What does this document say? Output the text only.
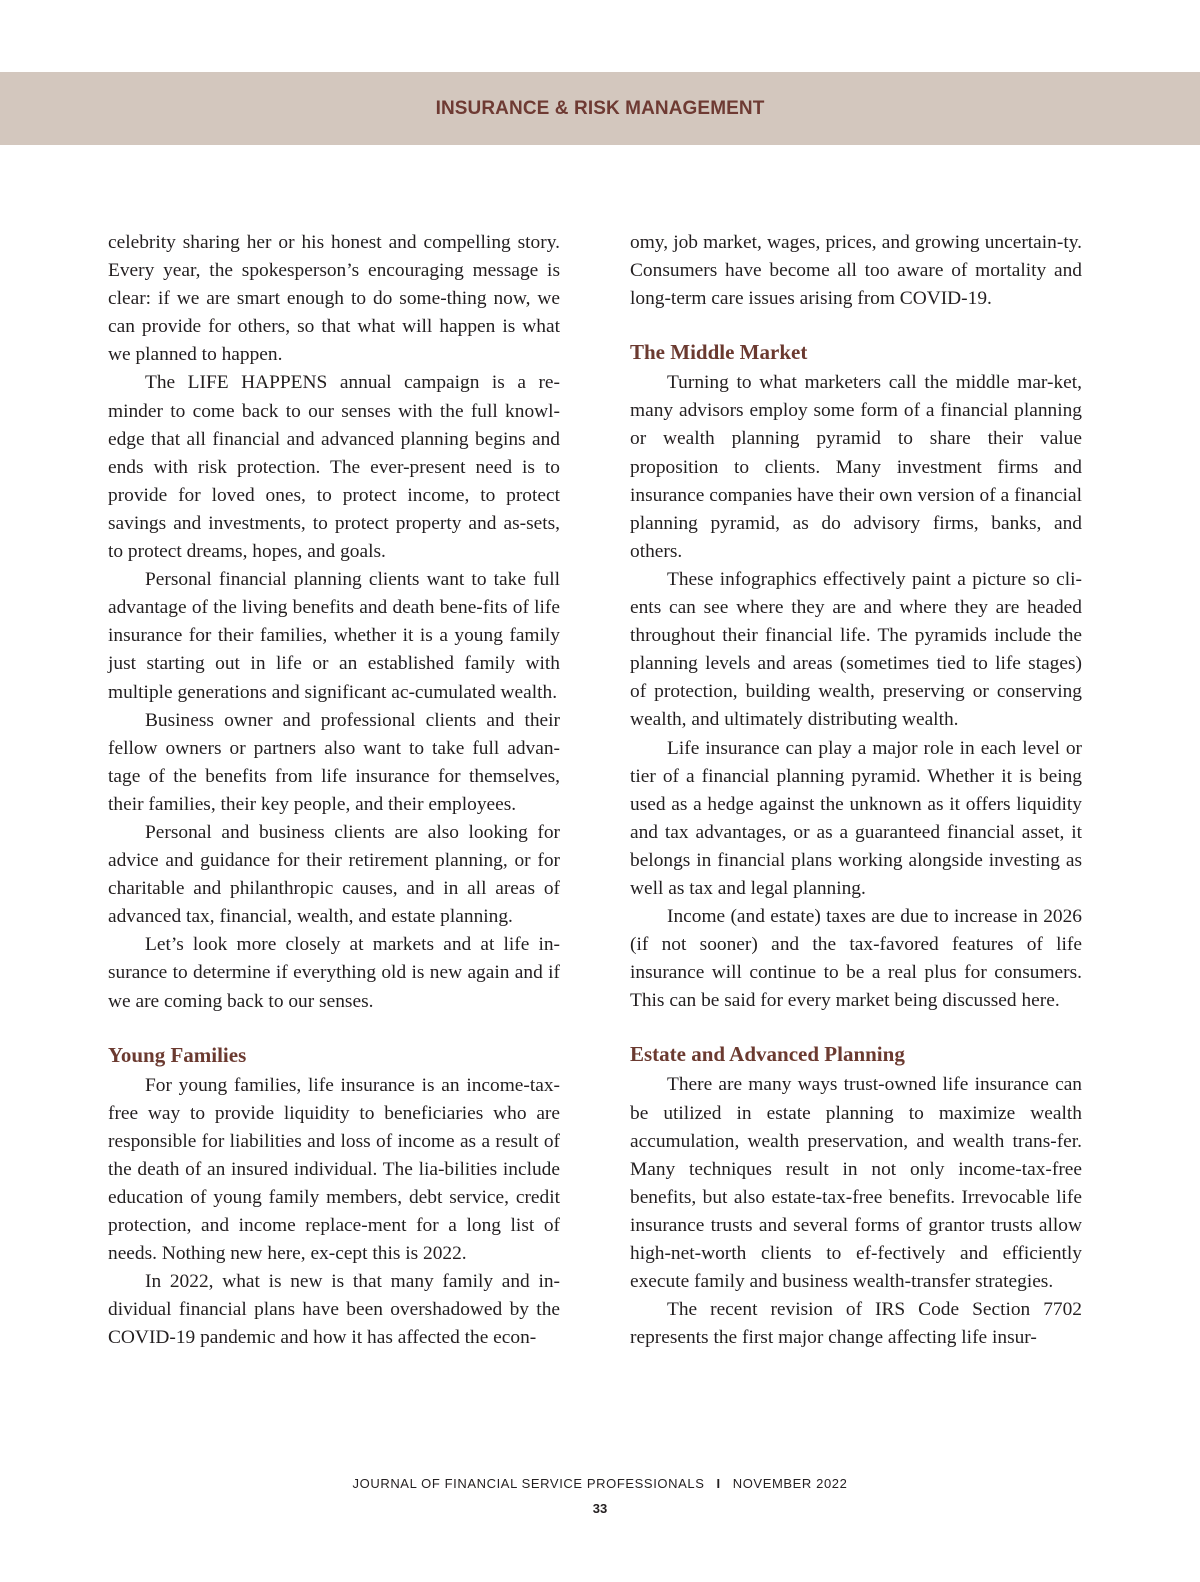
INSURANCE & RISK MANAGEMENT

celebrity sharing her or his honest and compelling story. Every year, the spokesperson’s encouraging message is clear: if we are smart enough to do some-thing now, we can provide for others, so that what will happen is what we planned to happen.

The LIFE HAPPENS annual campaign is a re-minder to come back to our senses with the full knowl-edge that all financial and advanced planning begins and ends with risk protection. The ever-present need is to provide for loved ones, to protect income, to protect savings and investments, to protect property and as-sets, to protect dreams, hopes, and goals.

Personal financial planning clients want to take full advantage of the living benefits and death bene-fits of life insurance for their families, whether it is a young family just starting out in life or an established family with multiple generations and significant ac-cumulated wealth.

Business owner and professional clients and their fellow owners or partners also want to take full advan-tage of the benefits from life insurance for themselves, their families, their key people, and their employees.

Personal and business clients are also looking for advice and guidance for their retirement planning, or for charitable and philanthropic causes, and in all areas of advanced tax, financial, wealth, and estate planning.

Let’s look more closely at markets and at life in-surance to determine if everything old is new again and if we are coming back to our senses.

Young Families

For young families, life insurance is an income-tax-free way to provide liquidity to beneficiaries who are responsible for liabilities and loss of income as a result of the death of an insured individual. The lia-bilities include education of young family members, debt service, credit protection, and income replace-ment for a long list of needs. Nothing new here, ex-cept this is 2022.

In 2022, what is new is that many family and in-dividual financial plans have been overshadowed by the COVID-19 pandemic and how it has affected the econ-

omy, job market, wages, prices, and growing uncertain-ty. Consumers have become all too aware of mortality and long-term care issues arising from COVID-19.

The Middle Market

Turning to what marketers call the middle mar-ket, many advisors employ some form of a financial planning or wealth planning pyramid to share their value proposition to clients. Many investment firms and insurance companies have their own version of a financial planning pyramid, as do advisory firms, banks, and others.

These infographics effectively paint a picture so cli-ents can see where they are and where they are headed throughout their financial life. The pyramids include the planning levels and areas (sometimes tied to life stages) of protection, building wealth, preserving or conserving wealth, and ultimately distributing wealth.

Life insurance can play a major role in each level or tier of a financial planning pyramid. Whether it is being used as a hedge against the unknown as it offers liquidity and tax advantages, or as a guaranteed financial asset, it belongs in financial plans working alongside investing as well as tax and legal planning.

Income (and estate) taxes are due to increase in 2026 (if not sooner) and the tax-favored features of life insurance will continue to be a real plus for consumers. This can be said for every market being discussed here.

Estate and Advanced Planning

There are many ways trust-owned life insurance can be utilized in estate planning to maximize wealth accumulation, wealth preservation, and wealth trans-fer. Many techniques result in not only income-tax-free benefits, but also estate-tax-free benefits. Irrevocable life insurance trusts and several forms of grantor trusts allow high-net-worth clients to ef-fectively and efficiently execute family and business wealth-transfer strategies.

The recent revision of IRS Code Section 7702 represents the first major change affecting life insur-

JOURNAL OF FINANCIAL SERVICE PROFESSIONALS I NOVEMBER 2022
33
